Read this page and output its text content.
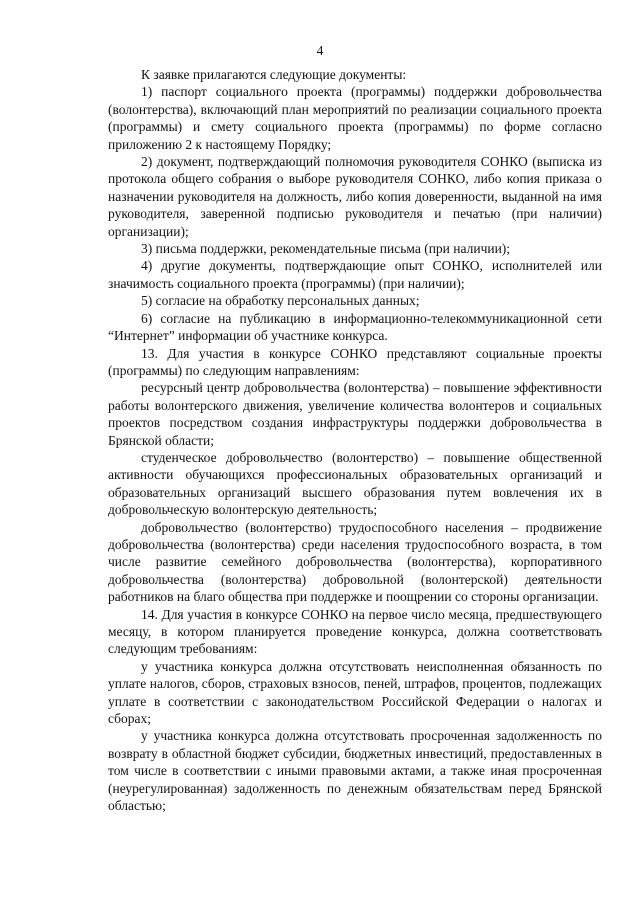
4

К заявке прилагаются следующие документы:

1) паспорт социального проекта (программы) поддержки добровольчества (волонтерства), включающий план мероприятий по реализации социального проекта (программы) и смету социального проекта (программы) по форме согласно приложению 2 к настоящему Порядку;

2) документ, подтверждающий полномочия руководителя СОНКО (выписка из протокола общего собрания о выборе руководителя СОНКО, либо копия приказа о назначении руководителя на должность, либо копия доверенности, выданной на имя руководителя, заверенной подписью руководителя и печатью (при наличии) организации);

3) письма поддержки, рекомендательные письма (при наличии);

4) другие документы, подтверждающие опыт СОНКО, исполнителей или значимость социального проекта (программы) (при наличии);

5) согласие на обработку персональных данных;

6) согласие на публикацию в информационно-телекоммуникационной сети “Интернет” информации об участнике конкурса.

13. Для участия в конкурсе СОНКО представляют социальные проекты (программы) по следующим направлениям:

ресурсный центр добровольчества (волонтерства) – повышение эффективности работы волонтерского движения, увеличение количества волонтеров и социальных проектов посредством создания инфраструктуры поддержки добровольчества в Брянской области;

студенческое добровольчество (волонтерство) – повышение общественной активности обучающихся профессиональных образовательных организаций и образовательных организаций высшего образования путем вовлечения их в добровольческую волонтерскую деятельность;

добровольчество (волонтерство) трудоспособного населения – продвижение добровольчества (волонтерства) среди населения трудоспособного возраста, в том числе развитие семейного добровольчества (волонтерства), корпоративного добровольчества (волонтерства) добровольной (волонтерской) деятельности работников на благо общества при поддержке и поощрении со стороны организации.

14. Для участия в конкурсе СОНКО на первое число месяца, предшествующего месяцу, в котором планируется проведение конкурса, должна соответствовать следующим требованиям:

у участника конкурса должна отсутствовать неисполненная обязанность по уплате налогов, сборов, страховых взносов, пеней, штрафов, процентов, подлежащих уплате в соответствии с законодательством Российской Федерации о налогах и сборах;

у участника конкурса должна отсутствовать просроченная задолженность по возврату в областной бюджет субсидии, бюджетных инвестиций, предоставленных в том числе в соответствии с иными правовыми актами, а также иная просроченная (неурегулированная) задолженность по денежным обязательствам перед Брянской областью;
